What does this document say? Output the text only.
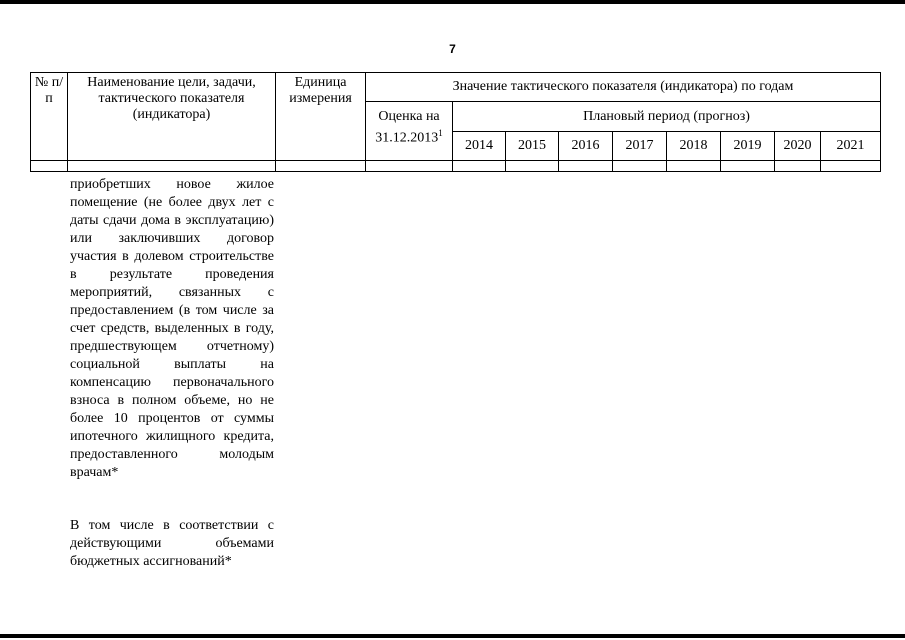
7
№ п/п	Наименование цели, задачи, тактического показателя (индикатора)	Единица измерения	Значение тактического показателя (индикатора) по годам								
			Оценка на 31.12.2013$^1$	Плановый период (прогноз)							
				2014	2015	2016	2017	2018	2019	2020	2021

приобретших новое жилое помещение (не более двух лет с даты сдачи дома в эксплуатацию) или заключивших договор участия в долевом строительстве в результате проведения мероприятий, связанных с предоставлением (в том числе за счет средств, выделенных в году, предшествующем отчетному) социальной выплаты на компенсацию первоначального взноса в полном объеме, но не более 10 процентов от суммы ипотечного жилищного кредита, предоставленного молодым врачам*

В том числе в соответствии с действующими объемами бюджетных ассигнований*
